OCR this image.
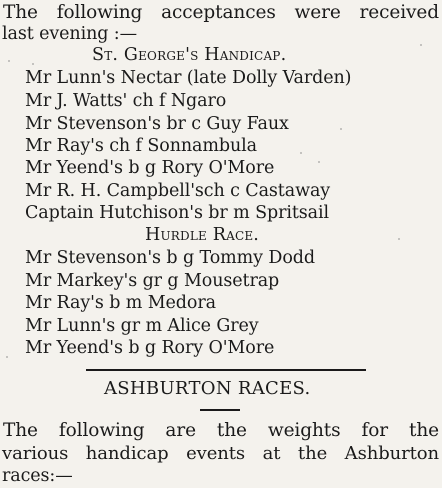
The following acceptances were received
last evening :—
St. George's Handicap.
Mr Lunn's Nectar (late Dolly Varden)
Mr J. Watts' ch f Ngaro
Mr Stevenson's br c Guy Faux
Mr Ray's ch f Sonnambula
Mr Yeend's b g Rory O'More
Mr R. H. Campbell'sch c Castaway
Captain Hutchison's br m Spritsail
Hurdle Race.
Mr Stevenson's b g Tommy Dodd
Mr Markey's gr g Mousetrap
Mr Ray's b m Medora
Mr Lunn's gr m Alice Grey
Mr Yeend's b g Rory O'More
ASHBURTON RACES.
The following are the weights for the
various handicap events at the Ashburton
races:—
